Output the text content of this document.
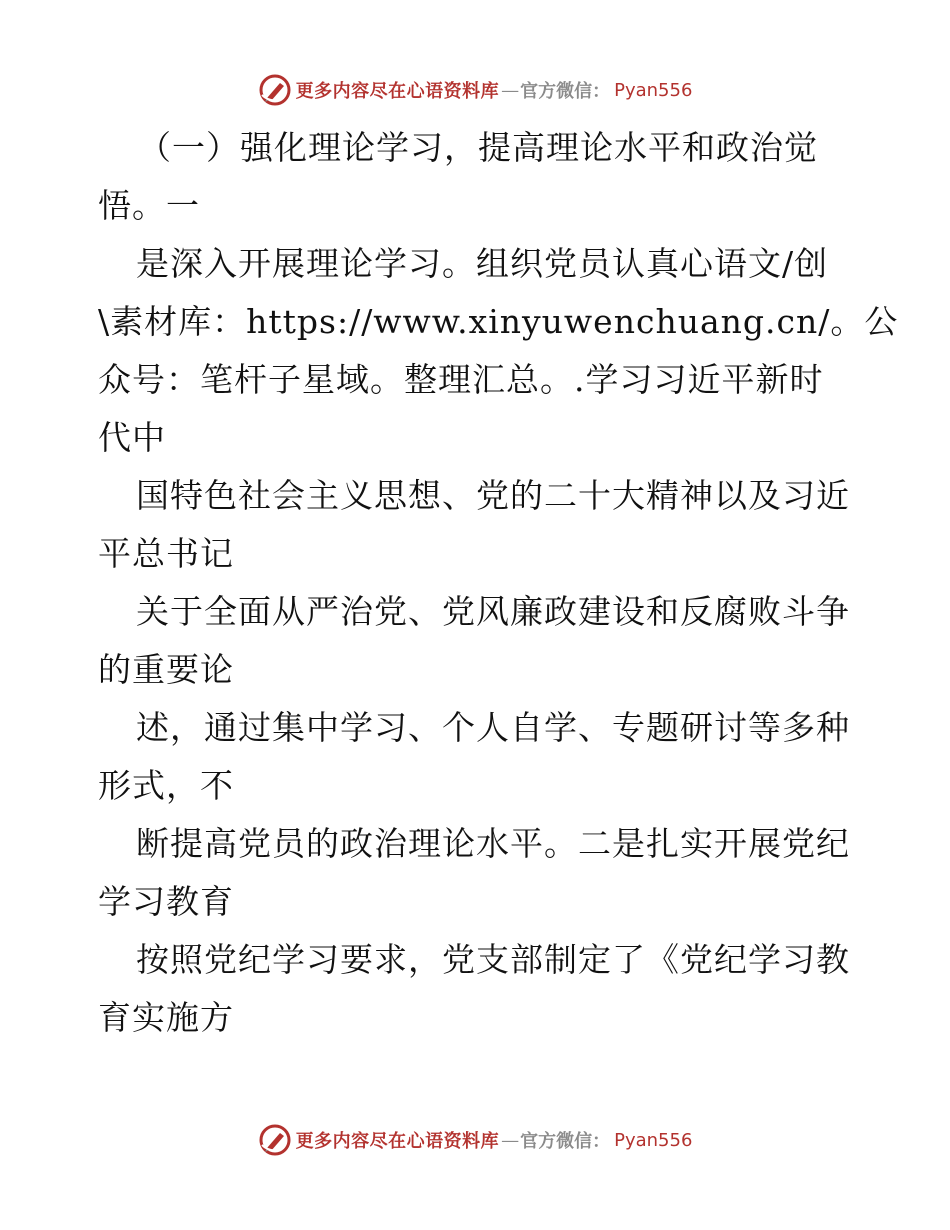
更多内容尽在心语资料库 — 官方微信： Pyan556
（一）强化理论学习，提高理论水平和政治觉
悟。一
是深入开展理论学习。组织党员认真心语文/创
\素材库：https://www.xinyuwenchuang.cn/。公
众号：笔杆子星域。整理汇总。.学习习近平新时
代中
国特色社会主义思想、党的二十大精神以及习近
平总书记
关于全面从严治党、党风廉政建设和反腐败斗争
的重要论
述，通过集中学习、个人自学、专题研讨等多种
形式，不
断提高党员的政治理论水平。二是扎实开展党纪
学习教育
按照党纪学习要求，党支部制定了《党纪学习教
育实施方
更多内容尽在心语资料库 — 官方微信： Pyan556
